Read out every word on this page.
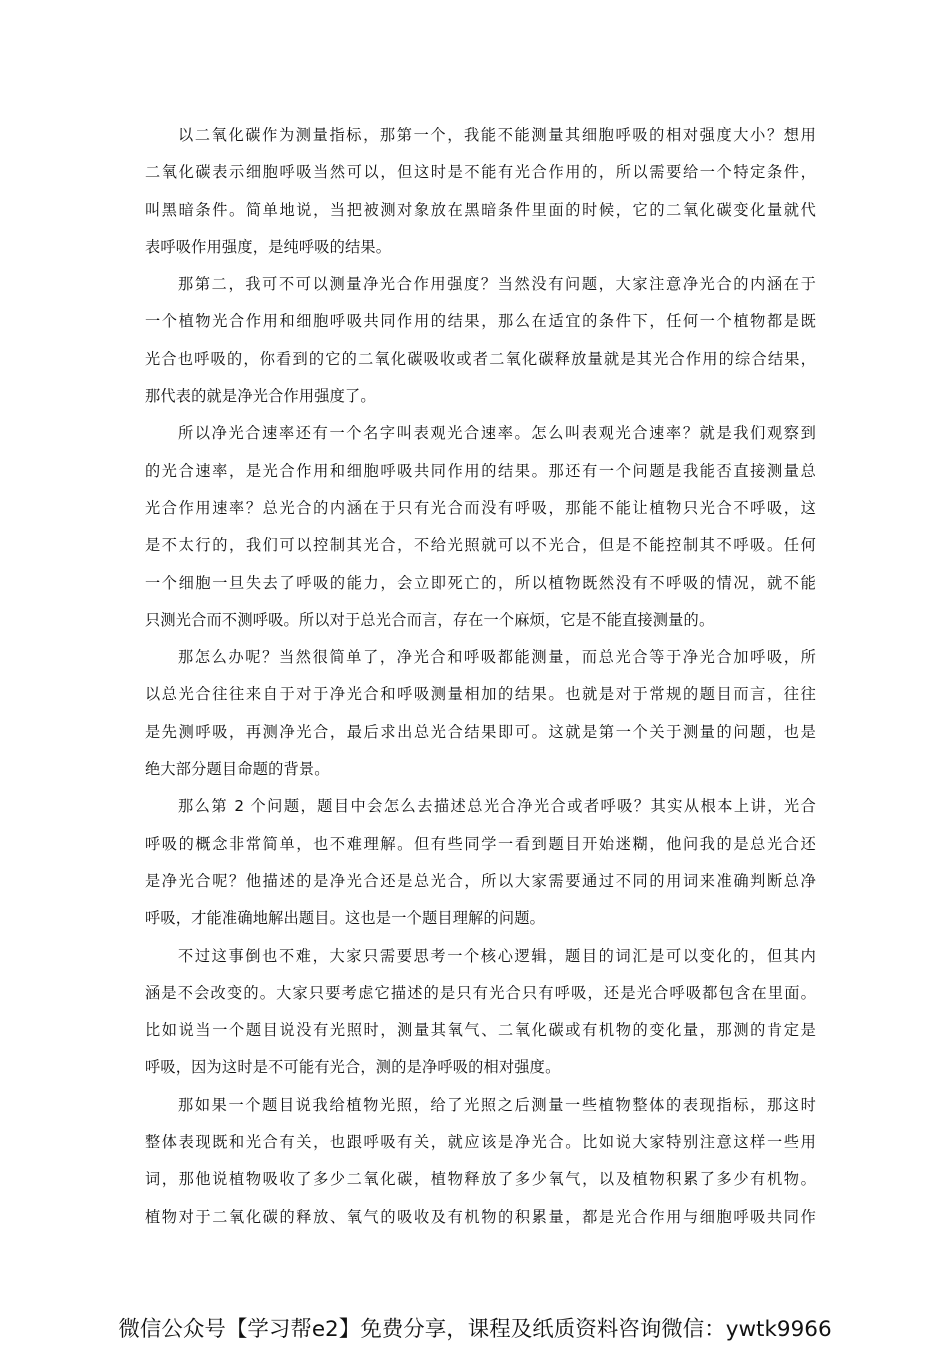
以二氧化碳作为测量指标，那第一个，我能不能测量其细胞呼吸的相对强度大小？想用
二氧化碳表示细胞呼吸当然可以，但这时是不能有光合作用的，所以需要给一个特定条件，
叫黑暗条件。简单地说，当把被测对象放在黑暗条件里面的时候，它的二氧化碳变化量就代
表呼吸作用强度，是纯呼吸的结果。
那第二，我可不可以测量净光合作用强度？当然没有问题，大家注意净光合的内涵在于
一个植物光合作用和细胞呼吸共同作用的结果，那么在适宜的条件下，任何一个植物都是既
光合也呼吸的，你看到的它的二氧化碳吸收或者二氧化碳释放量就是其光合作用的综合结果，
那代表的就是净光合作用强度了。
所以净光合速率还有一个名字叫表观光合速率。怎么叫表观光合速率？就是我们观察到
的光合速率，是光合作用和细胞呼吸共同作用的结果。那还有一个问题是我能否直接测量总
光合作用速率？总光合的内涵在于只有光合而没有呼吸，那能不能让植物只光合不呼吸，这
是不太行的，我们可以控制其光合，不给光照就可以不光合，但是不能控制其不呼吸。任何
一个细胞一旦失去了呼吸的能力，会立即死亡的，所以植物既然没有不呼吸的情况，就不能
只测光合而不测呼吸。所以对于总光合而言，存在一个麻烦，它是不能直接测量的。
那怎么办呢？当然很简单了，净光合和呼吸都能测量，而总光合等于净光合加呼吸，所
以总光合往往来自于对于净光合和呼吸测量相加的结果。也就是对于常规的题目而言，往往
是先测呼吸，再测净光合，最后求出总光合结果即可。这就是第一个关于测量的问题，也是
绝大部分题目命题的背景。
那么第 2 个问题，题目中会怎么去描述总光合净光合或者呼吸？其实从根本上讲，光合
呼吸的概念非常简单，也不难理解。但有些同学一看到题目开始迷糊，他问我的是总光合还
是净光合呢？他描述的是净光合还是总光合，所以大家需要通过不同的用词来准确判断总净
呼吸，才能准确地解出题目。这也是一个题目理解的问题。
不过这事倒也不难，大家只需要思考一个核心逻辑，题目的词汇是可以变化的，但其内
涵是不会改变的。大家只要考虑它描述的是只有光合只有呼吸，还是光合呼吸都包含在里面。
比如说当一个题目说没有光照时，测量其氧气、二氧化碳或有机物的变化量，那测的肯定是
呼吸，因为这时是不可能有光合，测的是净呼吸的相对强度。
那如果一个题目说我给植物光照，给了光照之后测量一些植物整体的表现指标，那这时
整体表现既和光合有关，也跟呼吸有关，就应该是净光合。比如说大家特别注意这样一些用
词，那他说植物吸收了多少二氧化碳，植物释放了多少氧气，以及植物积累了多少有机物。
植物对于二氧化碳的释放、氧气的吸收及有机物的积累量，都是光合作用与细胞呼吸共同作
微信公众号【学习帮e2】免费分享，课程及纸质资料咨询微信：ywtk9966
